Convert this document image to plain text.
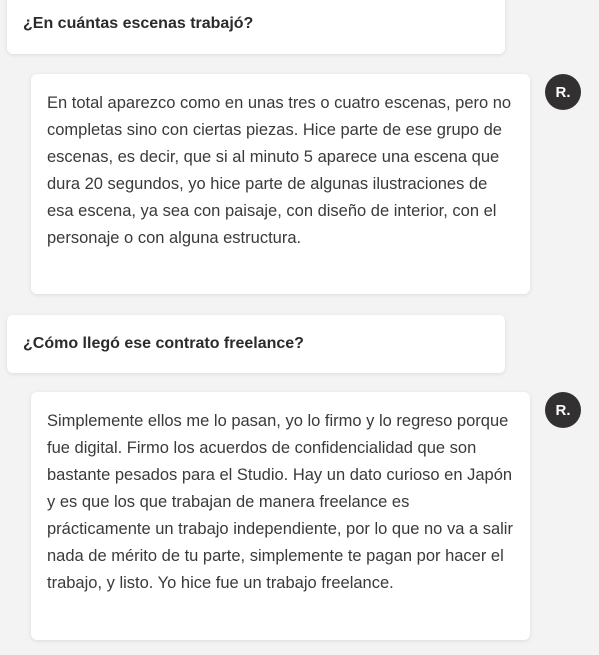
¿En cuántas escenas trabajó?
En total aparezco como en unas tres o cuatro escenas, pero no completas sino con ciertas piezas. Hice parte de ese grupo de escenas, es decir, que si al minuto 5 aparece una escena que dura 20 segundos, yo hice parte de algunas ilustraciones de esa escena, ya sea con paisaje, con diseño de interior, con el personaje o con alguna estructura.
R.
¿Cómo llegó ese contrato freelance?
Simplemente ellos me lo pasan, yo lo firmo y lo regreso porque fue digital. Firmo los acuerdos de confidencialidad que son bastante pesados para el Studio. Hay un dato curioso en Japón y es que los que trabajan de manera freelance es prácticamente un trabajo independiente, por lo que no va a salir nada de mérito de tu parte, simplemente te pagan por hacer el trabajo, y listo. Yo hice fue un trabajo freelance.
R.
